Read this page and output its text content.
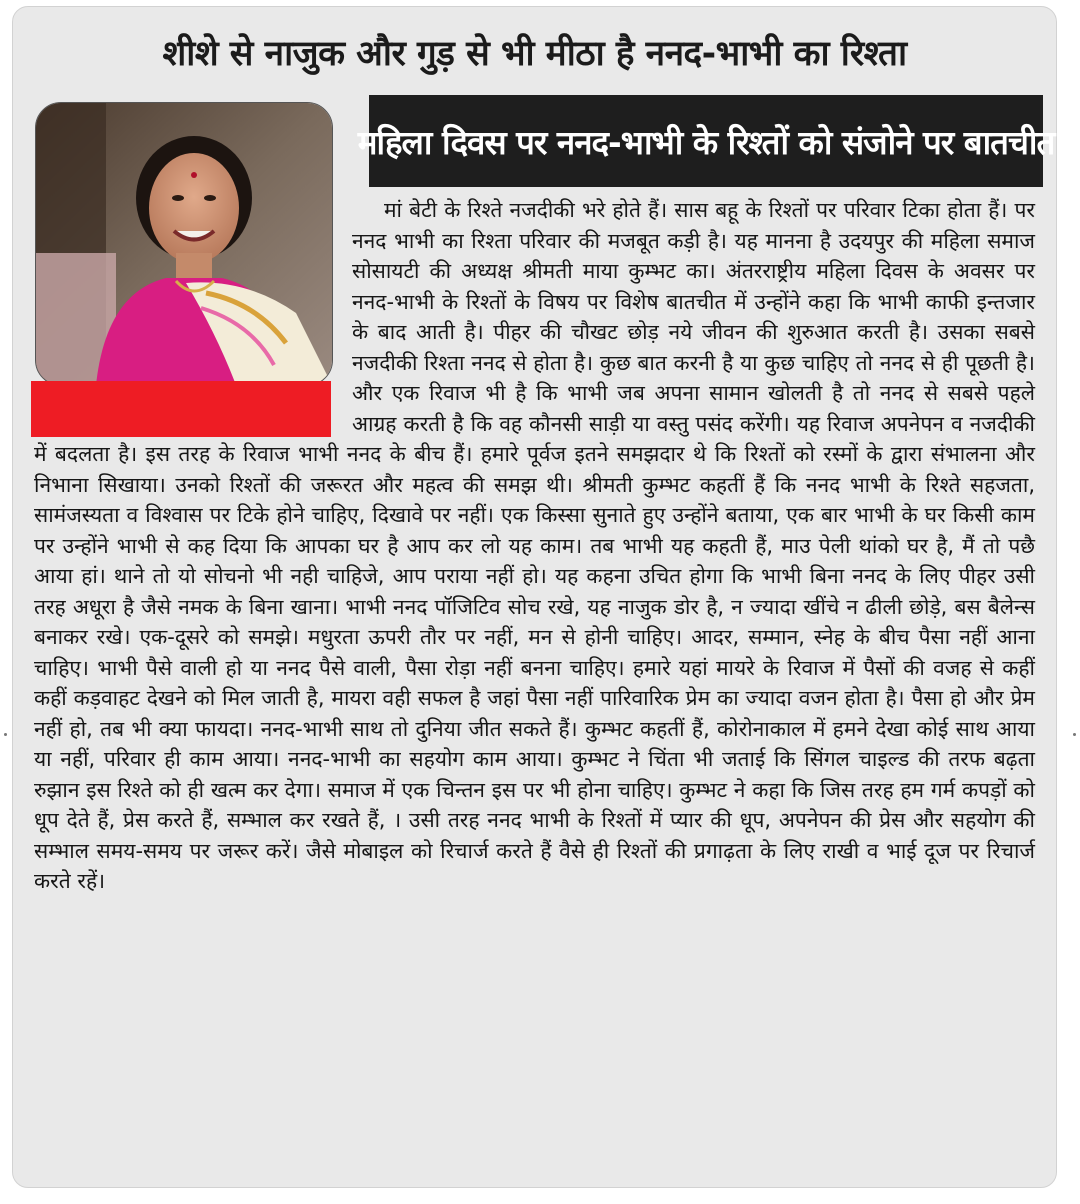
शीशे से नाजुक और गुड़ से भी मीठा है ननद-भाभी का रिश्ता
महिला दिवस पर ननद-भाभी के रिश्तों को संजोने पर बातचीत

मां बेटी के रिश्ते नजदीकी भरे होते हैं। सास बहू के रिश्तों पर परिवार टिका होता हैं। पर ननद भाभी का रिश्ता परिवार की मजबूत कड़ी है। यह मानना है उदयपुर की महिला समाज सोसायटी की अध्यक्ष श्रीमती माया कुम्भट का। अंतरराष्ट्रीय महिला दिवस के अवसर पर ननद-भाभी के रिश्तों के विषय पर विशेष बातचीत में उन्होंने कहा कि भाभी काफी इन्तजार के बाद आती है। पीहर की चौखट छोड़ नये जीवन की शुरुआत करती है। उसका सबसे नजदीकी रिश्ता ननद से होता है। कुछ बात करनी है या कुछ चाहिए तो ननद से ही पूछती है। और एक रिवाज भी है कि भाभी जब अपना सामान खोलती है तो ननद से सबसे पहले आग्रह करती है कि वह कौनसी साड़ी या वस्तु पसंद करेंगी। यह रिवाज अपनेपन व नजदीकी में बदलता है। इस तरह के रिवाज भाभी ननद के बीच हैं। हमारे पूर्वज इतने समझदार थे कि रिश्तों को रस्मों के द्वारा संभालना और निभाना सिखाया। उनको रिश्तों की जरूरत और महत्व की समझ थी। श्रीमती कुम्भट कहतीं हैं कि ननद भाभी के रिश्ते सहजता, सामंजस्यता व विश्वास पर टिके होने चाहिए, दिखावे पर नहीं। एक किस्सा सुनाते हुए उन्होंने बताया, एक बार भाभी के घर किसी काम पर उन्होंने भाभी से कह दिया कि आपका घर है आप कर लो यह काम। तब भाभी यह कहती हैं, माउ पेली थांको घर है, मैं तो पछै आया हां। थाने तो यो सोचनो भी नही चाहिजे, आप पराया नहीं हो। यह कहना उचित होगा कि भाभी बिना ननद के लिए पीहर उसी तरह अधूरा है जैसे नमक के बिना खाना। भाभी ननद पॉजिटिव सोच रखे, यह नाजुक डोर है, न ज्यादा खींचे न ढीली छोड़े, बस बैलेन्स बनाकर रखे। एक-दूसरे को समझे। मधुरता ऊपरी तौर पर नहीं, मन से होनी चाहिए। आदर, सम्मान, स्नेह के बीच पैसा नहीं आना चाहिए। भाभी पैसे वाली हो या ननद पैसे वाली, पैसा रोड़ा नहीं बनना चाहिए। हमारे यहां मायरे के रिवाज में पैसों की वजह से कहीं कहीं कड़वाहट देखने को मिल जाती है, मायरा वही सफल है जहां पैसा नहीं पारिवारिक प्रेम का ज्यादा वजन होता है। पैसा हो और प्रेम नहीं हो, तब भी क्या फायदा। ननद-भाभी साथ तो दुनिया जीत सकते हैं। कुम्भट कहतीं हैं, कोरोनाकाल में हमने देखा कोई साथ आया या नहीं, परिवार ही काम आया। ननद-भाभी का सहयोग काम आया। कुम्भट ने चिंता भी जताई कि सिंगल चाइल्ड की तरफ बढ़ता रुझान इस रिश्ते को ही खत्म कर देगा। समाज में एक चिन्तन इस पर भी होना चाहिए। कुम्भट ने कहा कि जिस तरह हम गर्म कपड़ों को धूप देते हैं, प्रेस करते हैं, सम्भाल कर रखते हैं, । उसी तरह ननद भाभी के रिश्तों में प्यार की धूप, अपनेपन की प्रेस और सहयोग की सम्भाल समय-समय पर जरूर करें। जैसे मोबाइल को रिचार्ज करते हैं वैसे ही रिश्तों की प्रगाढ़ता के लिए राखी व भाई दूज पर रिचार्ज करते रहें।
